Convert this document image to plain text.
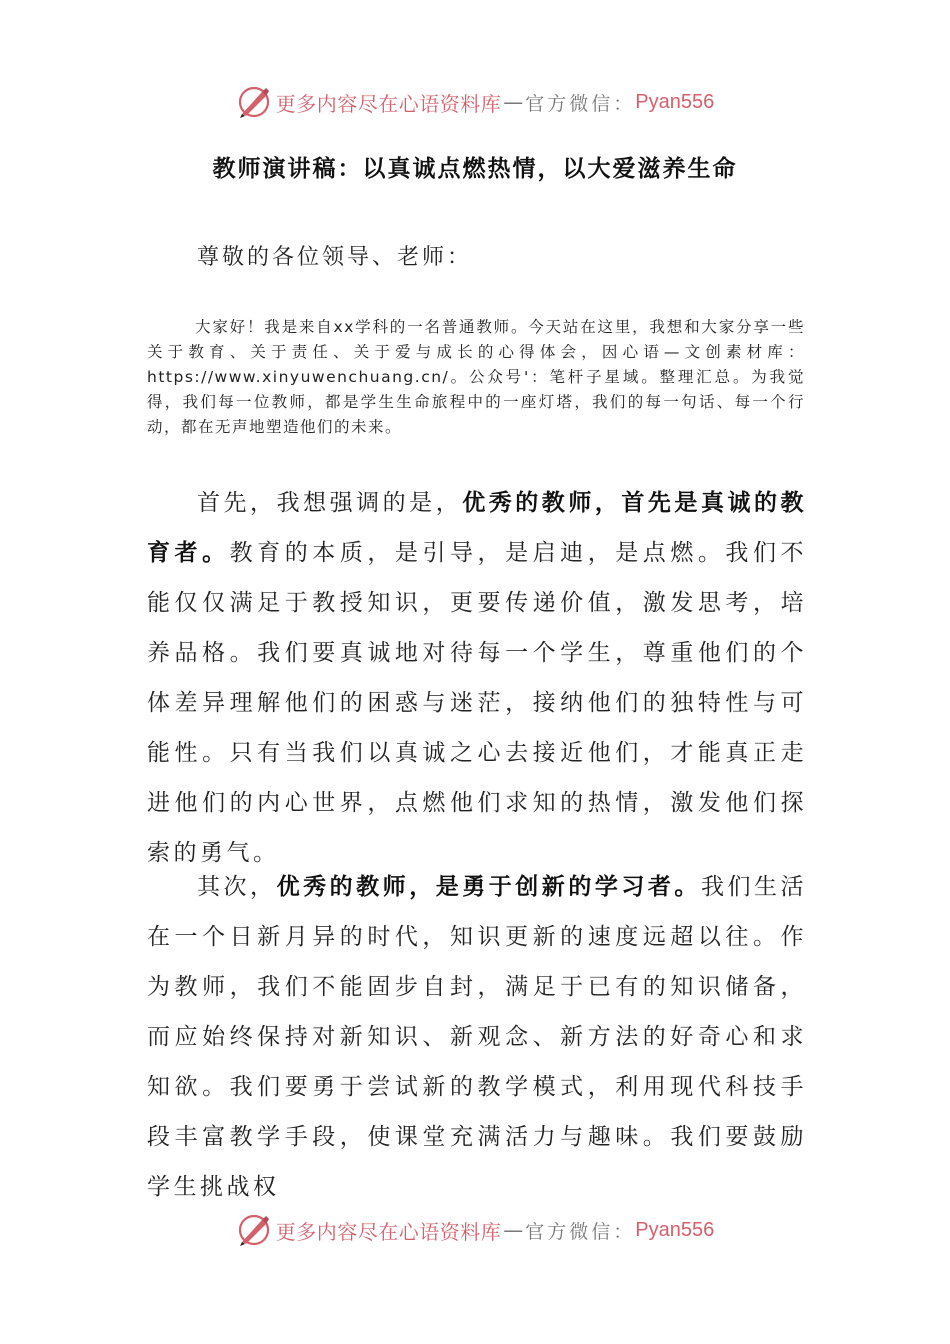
更多内容尽在心语资料库 — 官方微信： Pyan556
教师演讲稿：以真诚点燃热情，以大爱滋养生命
尊敬的各位领导、老师：

大家好！我是来自xx学科的一名普通教师。今天站在这里，我想和大家分享一些关于教育、关于责任、关于爱与成长的心得体会，因心语—文创素材库：https://www.xinyuwenchuang.cn/。公众号'：笔杆子星域。整理汇总。为我觉得，我们每一位教师，都是学生生命旅程中的一座灯塔，我们的每一句话、每一个行动，都在无声地塑造他们的未来。

首先，我想强调的是，优秀的教师，首先是真诚的教育者。教育的本质，是引导，是启迪，是点燃。我们不能仅仅满足于教授知识，更要传递价值，激发思考，培养品格。我们要真诚地对待每一个学生，尊重他们的个体差异理解他们的困惑与迷茫，接纳他们的独特性与可能性。只有当我们以真诚之心去接近他们，才能真正走进他们的内心世界，点燃他们求知的热情，激发他们探索的勇气。

其次，优秀的教师，是勇于创新的学习者。我们生活在一个日新月异的时代，知识更新的速度远超以往。作为教师，我们不能固步自封，满足于已有的知识储备，而应始终保持对新知识、新观念、新方法的好奇心和求知欲。我们要勇于尝试新的教学模式，利用现代科技手段丰富教学手段，使课堂充满活力与趣味。我们要鼓励学生挑战权

更多内容尽在心语资料库 — 官方微信： Pyan556
